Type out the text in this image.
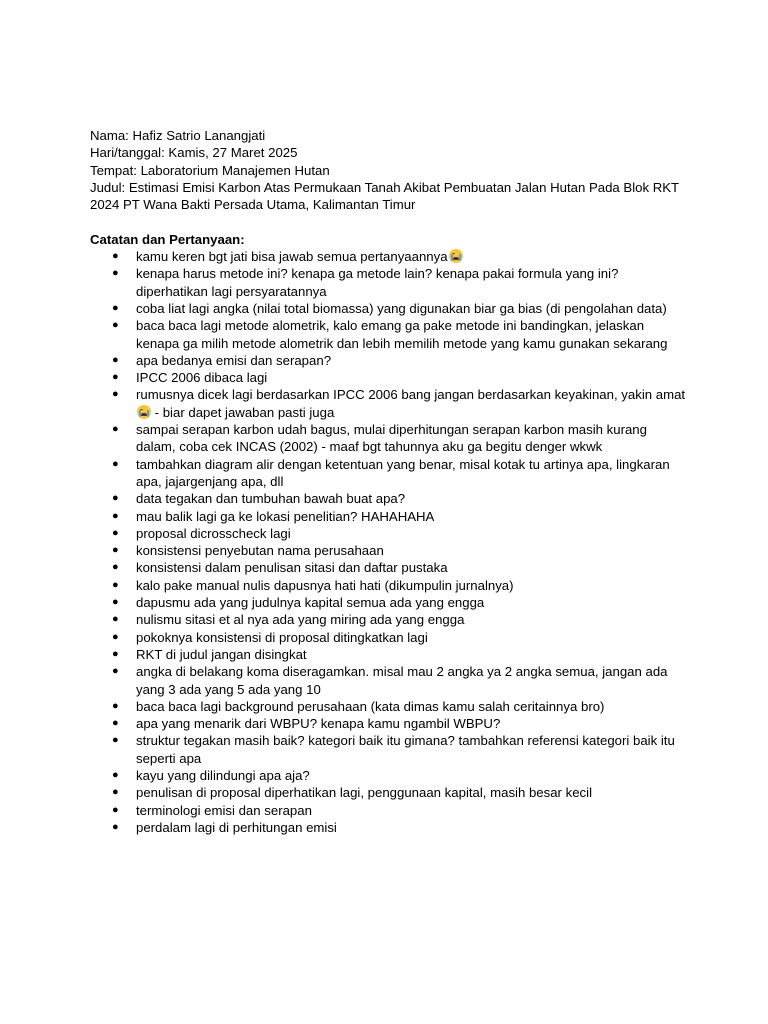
Nama: Hafiz Satrio Lanangjati

Hari/tanggal: Kamis, 27 Maret 2025

Tempat: Laboratorium Manajemen Hutan

Judul: Estimasi Emisi Karbon Atas Permukaan Tanah Akibat Pembuatan Jalan Hutan Pada Blok RKT 2024 PT Wana Bakti Persada Utama, Kalimantan Timur

Catatan dan Pertanyaan:

● kamu keren bgt jati bisa jawab semua pertanyaannya
● kenapa harus metode ini? kenapa ga metode lain? kenapa pakai formula yang ini? diperhatikan lagi persyaratannya
● coba liat lagi angka (nilai total biomassa) yang digunakan biar ga bias (di pengolahan data)
● baca baca lagi metode alometrik, kalo emang ga pake metode ini bandingkan, jelaskan kenapa ga milih metode alometrik dan lebih memilih metode yang kamu gunakan sekarang
● apa bedanya emisi dan serapan?
● IPCC 2006 dibaca lagi
● rumusnya dicek lagi berdasarkan IPCC 2006 bang jangan berdasarkan keyakinan, yakin amat
- biar dapet jawaban pasti juga
● sampai serapan karbon udah bagus, mulai diperhitungan serapan karbon masih kurang dalam, coba cek INCAS (2002) - maaf bgt tahunnya aku ga begitu denger wkwk
● tambahkan diagram alir dengan ketentuan yang benar, misal kotak tu artinya apa, lingkaran apa, jajargenjang apa, dll
● data tegakan dan tumbuhan bawah buat apa?
● mau balik lagi ga ke lokasi penelitian? HAHAHAHA
● proposal dicrosscheck lagi
● konsistensi penyebutan nama perusahaan
● konsistensi dalam penulisan sitasi dan daftar pustaka
● kalo pake manual nulis dapusnya hati hati (dikumpulin jurnalnya)
● dapusmu ada yang judulnya kapital semua ada yang engga
● nulismu sitasi et al nya ada yang miring ada yang engga
● pokoknya konsistensi di proposal ditingkatkan lagi
● RKT di judul jangan disingkat
● angka di belakang koma diseragamkan. misal mau 2 angka ya 2 angka semua, jangan ada yang 3 ada yang 5 ada yang 10
● baca baca lagi background perusahaan (kata dimas kamu salah ceritainnya bro)
● apa yang menarik dari WBPU? kenapa kamu ngambil WBPU?
● struktur tegakan masih baik? kategori baik itu gimana? tambahkan referensi kategori baik itu seperti apa
● kayu yang dilindungi apa aja?
● penulisan di proposal diperhatikan lagi, penggunaan kapital, masih besar kecil
● terminologi emisi dan serapan
● perdalam lagi di perhitungan emisi
